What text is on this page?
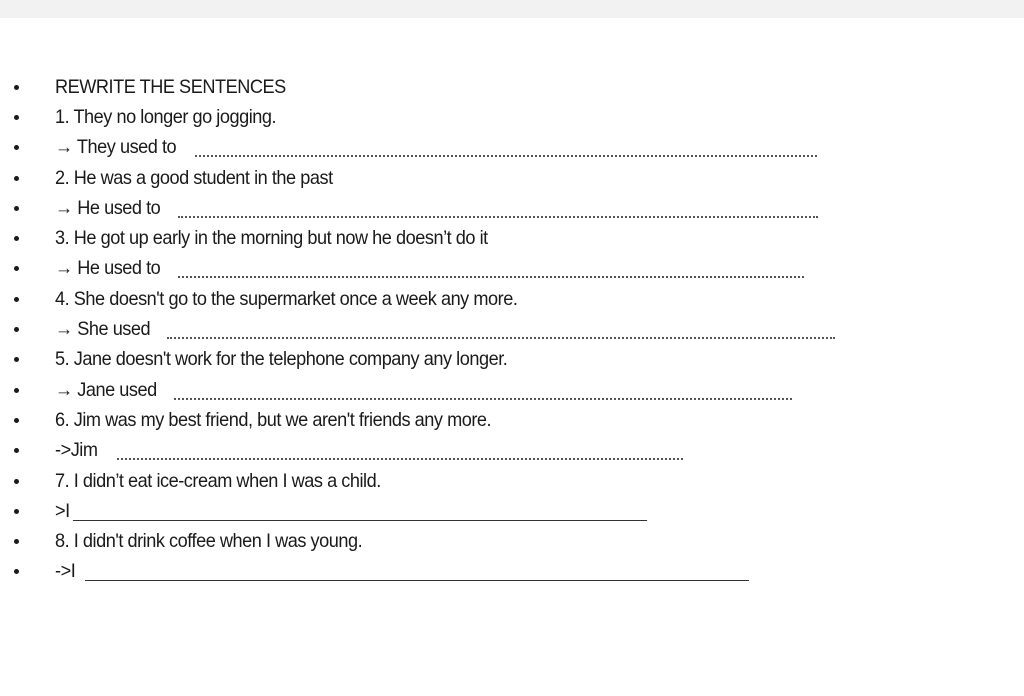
REWRITE THE SENTENCES
1. They no longer go jogging.
→ They used to
2. He was a good student in the past
→ He used to
3. He got up early in the morning but now he doesn’t do it
→ He used to
4. She doesn't go to the supermarket once a week any more.
→ She used
5. Jane doesn't work for the telephone company any longer.
→ Jane used
6. Jim was my best friend, but we aren't friends any more.
->Jim
7. I didn’t eat ice-cream when I was a child.
>I
8. I didn't drink coffee when I was young.
->I
